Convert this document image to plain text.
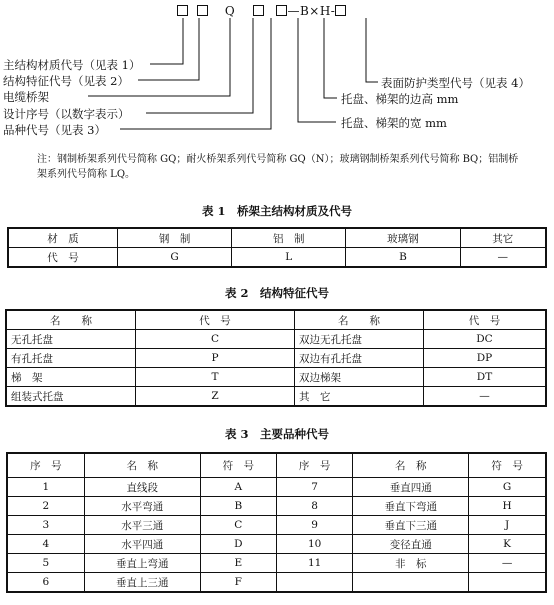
Q	—B×H-
主结构材质代号（见表 1）
结构特征代号（见表 2）
电缆桥架
设计序号（以数字表示）
品种代号（见表 3）
表面防护类型代号（见表 4）
托盘、梯架的边高 mm
托盘、梯架的宽 mm
注：钢制桥架系列代号简称 GQ；耐火桥架系列代号简称 GQ（N）；玻璃钢制桥架系列代号简称 BQ；铝制桥
架系列代号简称 LQ。
表 1　桥架主结构材质及代号
材　质	钢　制	铝　制	玻璃钢	其它
代　号	G	L	B	—
表 2　结构特征代号
名　　称	代　号	名　　称	代　号
无孔托盘	C	双边无孔托盘	DC
有孔托盘	P	双边有孔托盘	DP
梯　架	T	双边梯架	DT
组装式托盘	Z	其　它	—
表 3　主要品种代号
序　号	名　称	符　号	序　号	名　称	符　号
1	直线段	A	7	垂直四通	G
2	水平弯通	B	8	垂直下弯通	H
3	水平三通	C	9	垂直下三通	J
4	水平四通	D	10	变径直通	K
5	垂直上弯通	E	11	非　标	—
6	垂直上三通	F			
